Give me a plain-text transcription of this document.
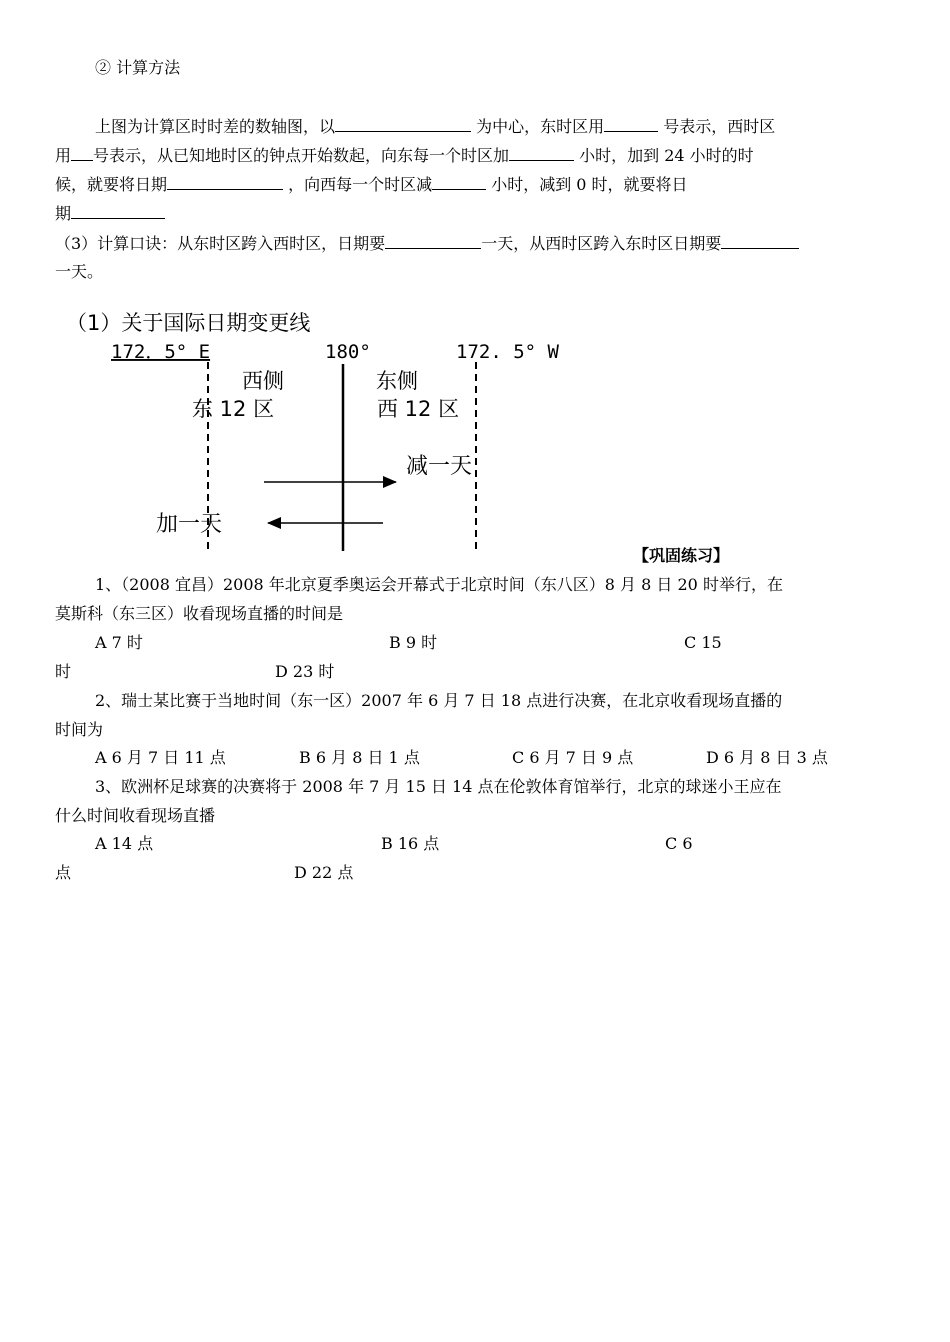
② 计算方法
上图为计算区时时差的数轴图，以	为中心，东时区用	号表示，西时区
用 号表示，从已知地时区的钟点开始数起，向东每一个时区加	小时，加到 24 小时的时
候，就要将日期	，向西每一个时区减	小时，减到 0 时，就要将日
期
（3）计算口诀：从东时区跨入西时区，日期要	一天，从西时区跨入东时区日期要
一天。
（1）关于国际日期变更线
172．5° E	180°	172. 5° W
西侧	东侧
东 12 区	西 12 区
减一天
加一天
【巩固练习】
1、（2008 宜昌）2008 年北京夏季奥运会开幕式于北京时间（东八区）8 月 8 日 20 时举行，在
莫斯科（东三区）收看现场直播的时间是
A 7 时	B 9 时	C 15
时	D 23 时
2、瑞士某比赛于当地时间（东一区）2007 年 6 月 7 日 18 点进行决赛，在北京收看现场直播的
时间为
A 6 月 7 日 11 点	B 6 月 8 日 1 点	C 6 月 7 日 9 点	D 6 月 8 日 3 点
3、欧洲杯足球赛的决赛将于 2008 年 7 月 15 日 14 点在伦敦体育馆举行，北京的球迷小王应在
什么时间收看现场直播
A 14 点	B 16 点	C 6
点	D 22 点
